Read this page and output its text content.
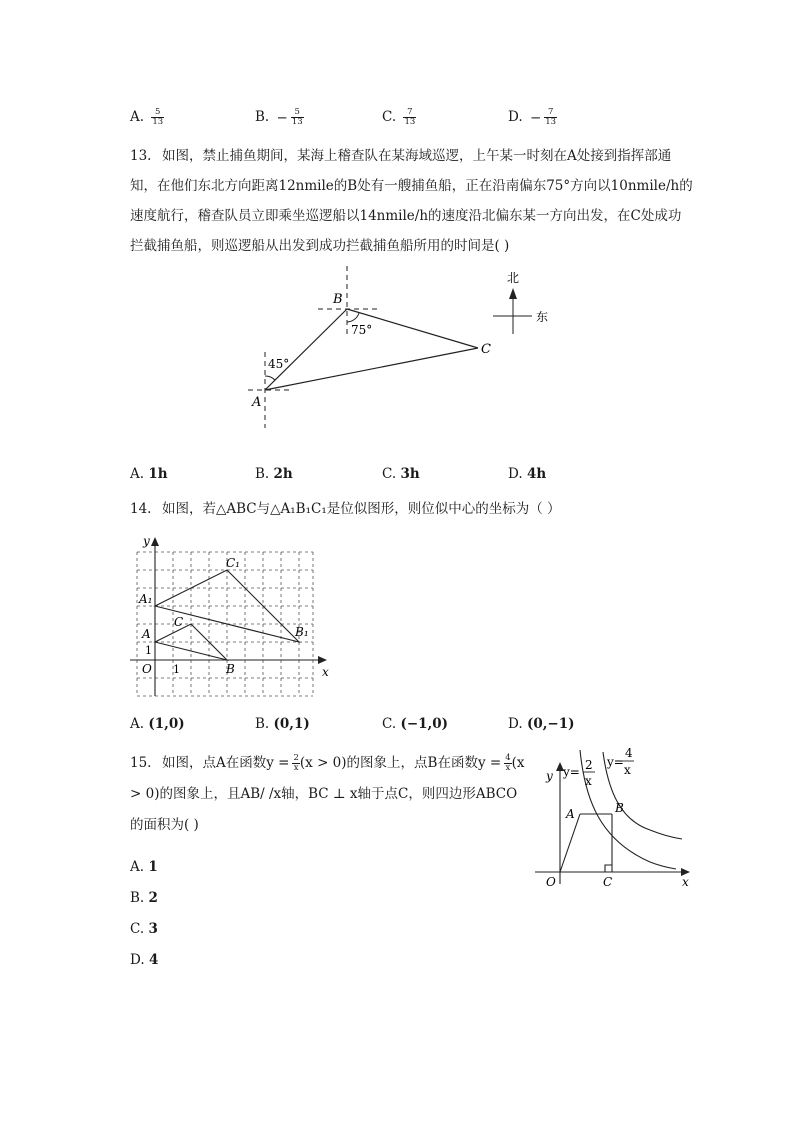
A. $\frac{5}{13}$	B. − $\frac{5}{13}$	C. $\frac{7}{13}$	D. − $\frac{7}{13}$
13. 如图，禁止捕鱼期间，某海上稽查队在某海域巡逻，上午某一时刻在A处接到指挥部通
知，在他们东北方向距离12nmile的B处有一艘捕鱼船，正在沿南偏东75°方向以10nmile/h的
速度航行，稽查队员立即乘坐巡逻船以14nmile/h的速度沿北偏东某一方向出发，在C处成功
拦截捕鱼船，则巡逻船从出发到成功拦截捕鱼船所用的时间是( )
A
B
C
45°
75°
北
东
A. 1h	B. 2h	C. 3h	D. 4h
14. 如图，若△ABC与△A₁B₁C₁是位似图形，则位似中心的坐标为（ ）
y
x
O
A
B
C
A₁
B₁
C₁
1
1
A. (1,0)	B. (0,1)	C. (−1,0)	D. (0,−1)
15. 如图，点A在函数$y = \frac{2}{x} (x > 0)$的图象上，点B在函数$y = \frac{4}{x} (x$
> 0)的图象上，且AB/ /x轴，BC ⊥ x轴于点C，则四边形ABCO
的面积为( )
A. 1
B. 2
C. 3
D. 4
y
x
O
A	B
C
y= 2
x
y=
4
x
